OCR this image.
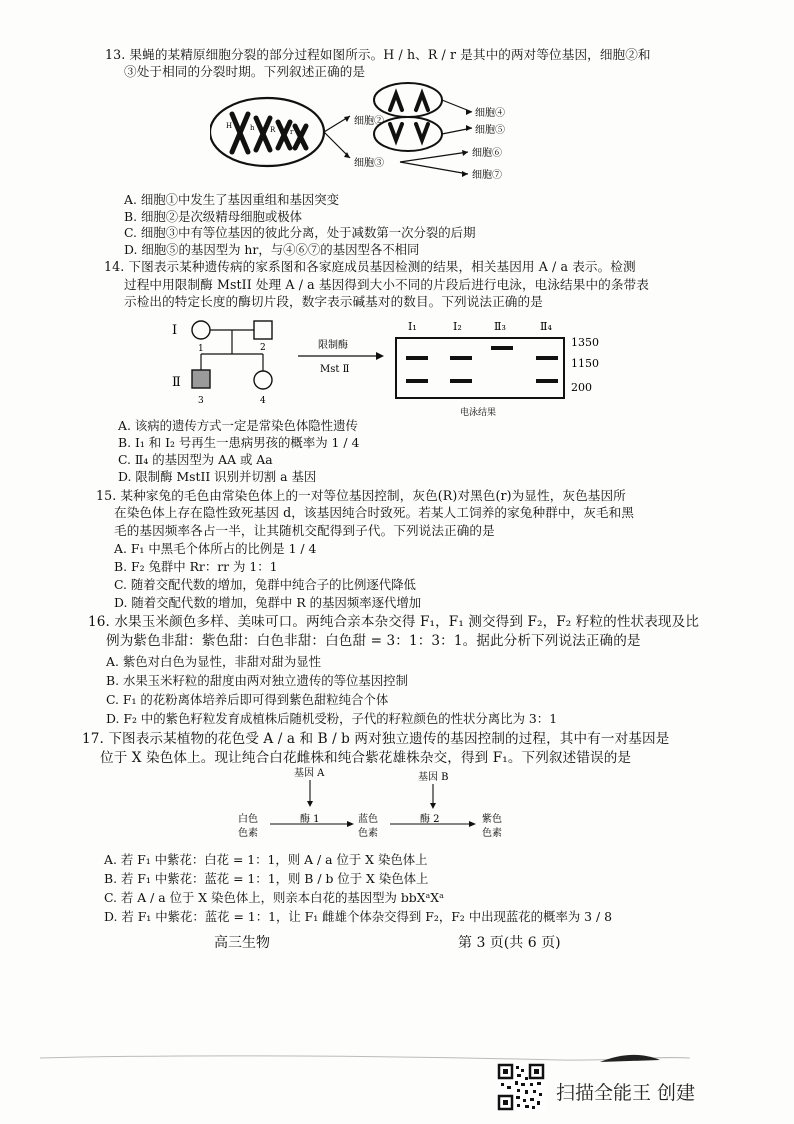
13. 果蝇的某精原细胞分裂的部分过程如图所示。H / h、R / r 是其中的两对等位基因，细胞②和
③处于相同的分裂时期。下列叙述正确的是
H	h R r
细胞②
细胞③
细胞④
细胞⑤
细胞⑥
细胞⑦
A. 细胞①中发生了基因重组和基因突变
B. 细胞②是次级精母细胞或极体
C. 细胞③中有等位基因的彼此分离，处于减数第一次分裂的后期
D. 细胞⑤的基因型为 hr，与④⑥⑦的基因型各不相同
14. 下图表示某种遗传病的家系图和各家庭成员基因检测的结果，相关基因用 A / a 表示。检测
过程中用限制酶 MstII 处理 A / a 基因得到大小不同的片段后进行电泳，电泳结果中的条带表
示检出的特定长度的酶切片段，数字表示碱基对的数目。下列说法正确的是
Ⅰ
Ⅱ
1	2
3	4
限制酶
Mst Ⅱ
Ⅰ₁	Ⅰ₂	Ⅱ₃	Ⅱ₄
1350
1150
200
电泳结果
A. 该病的遗传方式一定是常染色体隐性遗传
B. I₁ 和 I₂ 号再生一患病男孩的概率为 1 / 4
C. Ⅱ₄ 的基因型为 AA 或 Aa
D. 限制酶 MstII 识别并切割 a 基因
15. 某种家兔的毛色由常染色体上的一对等位基因控制，灰色(R)对黑色(r)为显性，灰色基因所
在染色体上存在隐性致死基因 d，该基因纯合时致死。若某人工饲养的家兔种群中，灰毛和黑
毛的基因频率各占一半，让其随机交配得到子代。下列说法正确的是
A. F₁ 中黑毛个体所占的比例是 1 / 4
B. F₂ 兔群中 Rr：rr 为 1：1
C. 随着交配代数的增加，兔群中纯合子的比例逐代降低
D. 随着交配代数的增加，兔群中 R 的基因频率逐代增加
16. 水果玉米颜色多样、美味可口。两纯合亲本杂交得 F₁，F₁ 测交得到 F₂，F₂ 籽粒的性状表现及比
例为紫色非甜：紫色甜：白色非甜：白色甜 = 3：1：3：1。据此分析下列说法正确的是
A. 紫色对白色为显性，非甜对甜为显性
B. 水果玉米籽粒的甜度由两对独立遗传的等位基因控制
C. F₁ 的花粉离体培养后即可得到紫色甜粒纯合个体
D. F₂ 中的紫色籽粒发育成植株后随机受粉，子代的籽粒颜色的性状分离比为 3：1
17. 下图表示某植物的花色受 A / a 和 B / b 两对独立遗传的基因控制的过程，其中有一对基因是
位于 X 染色体上。现让纯合白花雌株和纯合紫花雄株杂交，得到 F₁。下列叙述错误的是
基因 A	基因 B
白色
色素
酶 1	蓝色
色素
酶 2	紫色
色素
A. 若 F₁ 中紫花：白花 = 1：1，则 A / a 位于 X 染色体上
B. 若 F₁ 中紫花：蓝花 = 1：1，则 B / b 位于 X 染色体上
C. 若 A / a 位于 X 染色体上，则亲本白花的基因型为 bbXᵃXᵃ
D. 若 F₁ 中紫花：蓝花 = 1：1，让 F₁ 雌雄个体杂交得到 F₂，F₂ 中出现蓝花的概率为 3 / 8
高三生物	第 3 页(共 6 页)
扫描全能王 创建
